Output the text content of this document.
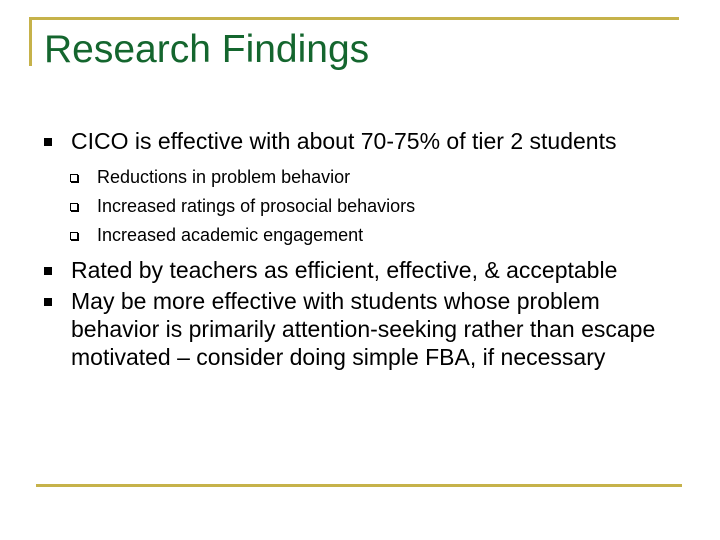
Research Findings
CICO is effective with about 70-75% of tier 2 students
Reductions in problem behavior
Increased ratings of prosocial behaviors
Increased academic engagement
Rated by teachers as efficient, effective, & acceptable
May be more effective with students whose problem behavior is primarily attention-seeking rather than escape motivated – consider doing simple FBA, if necessary
